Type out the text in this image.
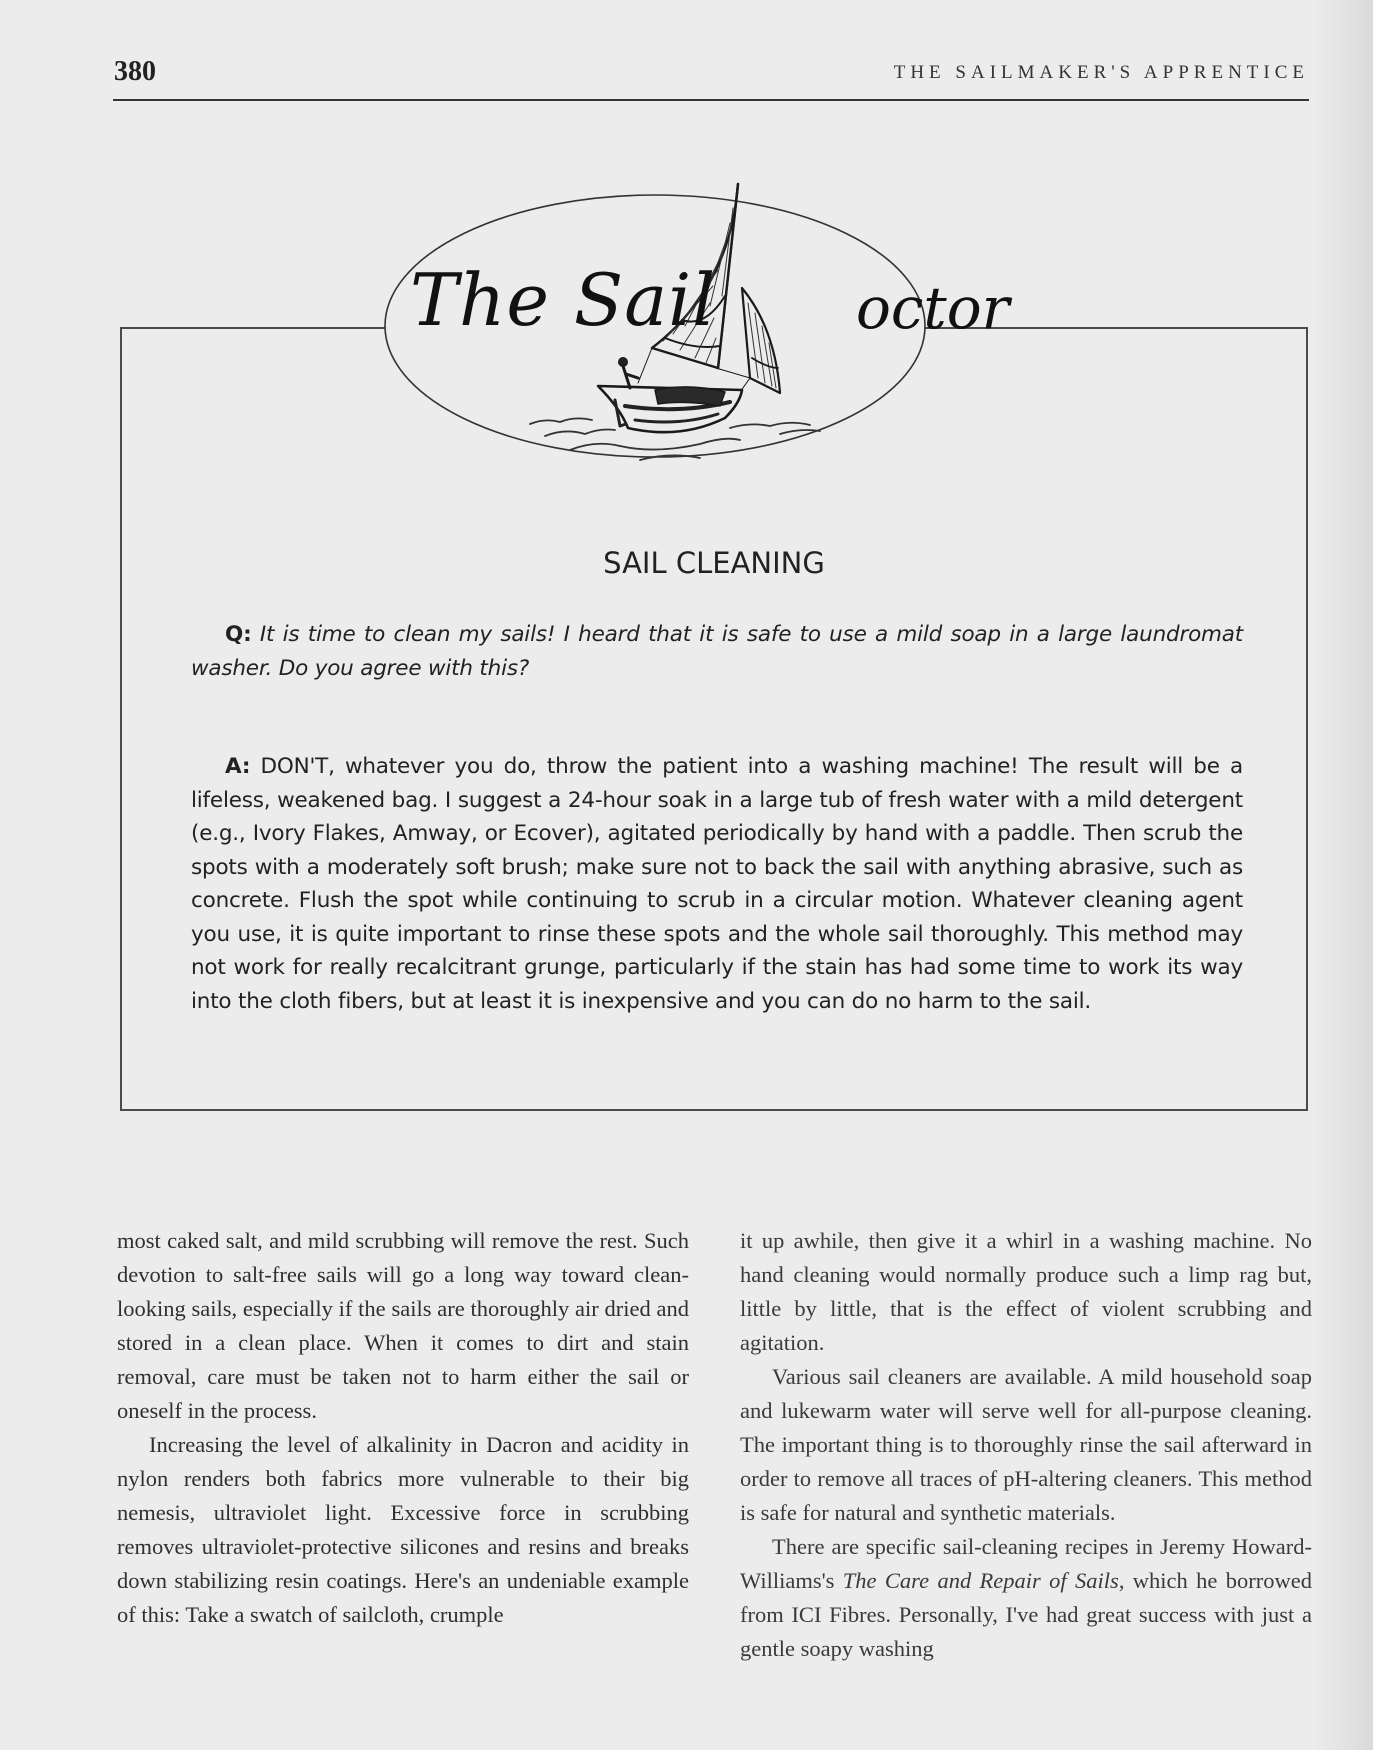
380	THE SAILMAKER'S APPRENTICE
The Sail octor
SAIL CLEANING

Q: It is time to clean my sails! I heard that it is safe to use a mild soap in a large laundromat washer. Do you agree with this?

A: DON'T, whatever you do, throw the patient into a washing machine! The result will be a lifeless, weakened bag. I suggest a 24-hour soak in a large tub of fresh water with a mild detergent (e.g., Ivory Flakes, Amway, or Ecover), agitated periodically by hand with a paddle. Then scrub the spots with a moderately soft brush; make sure not to back the sail with anything abrasive, such as concrete. Flush the spot while continuing to scrub in a circular motion. Whatever cleaning agent you use, it is quite important to rinse these spots and the whole sail thoroughly. This method may not work for really recalcitrant grunge, particularly if the stain has had some time to work its way into the cloth fibers, but at least it is inexpensive and you can do no harm to the sail.

most caked salt, and mild scrubbing will remove the rest. Such devotion to salt-free sails will go a long way toward clean-looking sails, especially if the sails are thoroughly air dried and stored in a clean place. When it comes to dirt and stain removal, care must be taken not to harm either the sail or oneself in the process.

Increasing the level of alkalinity in Dacron and acidity in nylon renders both fabrics more vulnerable to their big nemesis, ultraviolet light. Excessive force in scrubbing removes ultraviolet-protective silicones and resins and breaks down stabilizing resin coatings. Here's an undeniable example of this: Take a swatch of sailcloth, crumple

it up awhile, then give it a whirl in a washing machine. No hand cleaning would normally produce such a limp rag but, little by little, that is the effect of violent scrubbing and agitation.

Various sail cleaners are available. A mild household soap and lukewarm water will serve well for all-purpose cleaning. The important thing is to thoroughly rinse the sail afterward in order to remove all traces of pH-altering cleaners. This method is safe for natural and synthetic materials.

There are specific sail-cleaning recipes in Jeremy Howard-Williams's The Care and Repair of Sails, which he borrowed from ICI Fibres. Personally, I've had great success with just a gentle soapy washing
